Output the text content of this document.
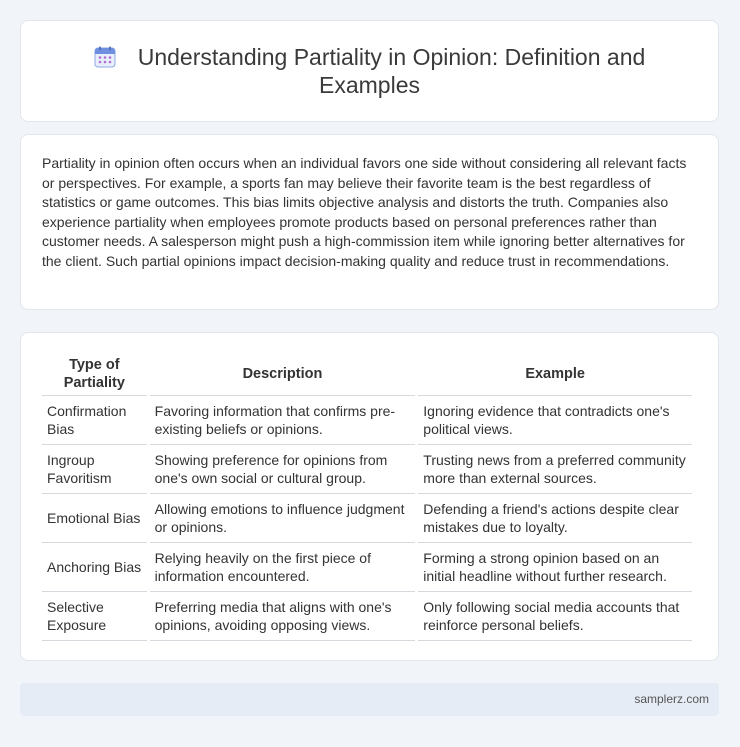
Understanding Partiality in Opinion: Definition and Examples

Partiality in opinion often occurs when an individual favors one side without considering all relevant facts or perspectives. For example, a sports fan may believe their favorite team is the best regardless of statistics or game outcomes. This bias limits objective analysis and distorts the truth. Companies also experience partiality when employees promote products based on personal preferences rather than customer needs. A salesperson might push a high-commission item while ignoring better alternatives for the client. Such partial opinions impact decision-making quality and reduce trust in recommendations.

Type of Partiality	Description	Example
Confirmation Bias	Favoring information that confirms pre-existing beliefs or opinions.	Ignoring evidence that contradicts one's political views.
Ingroup Favoritism	Showing preference for opinions from one's own social or cultural group.	Trusting news from a preferred community more than external sources.
Emotional Bias	Allowing emotions to influence judgment or opinions.	Defending a friend's actions despite clear mistakes due to loyalty.
Anchoring Bias	Relying heavily on the first piece of information encountered.	Forming a strong opinion based on an initial headline without further research.
Selective Exposure	Preferring media that aligns with one's opinions, avoiding opposing views.	Only following social media accounts that reinforce personal beliefs.
samplerz.com
